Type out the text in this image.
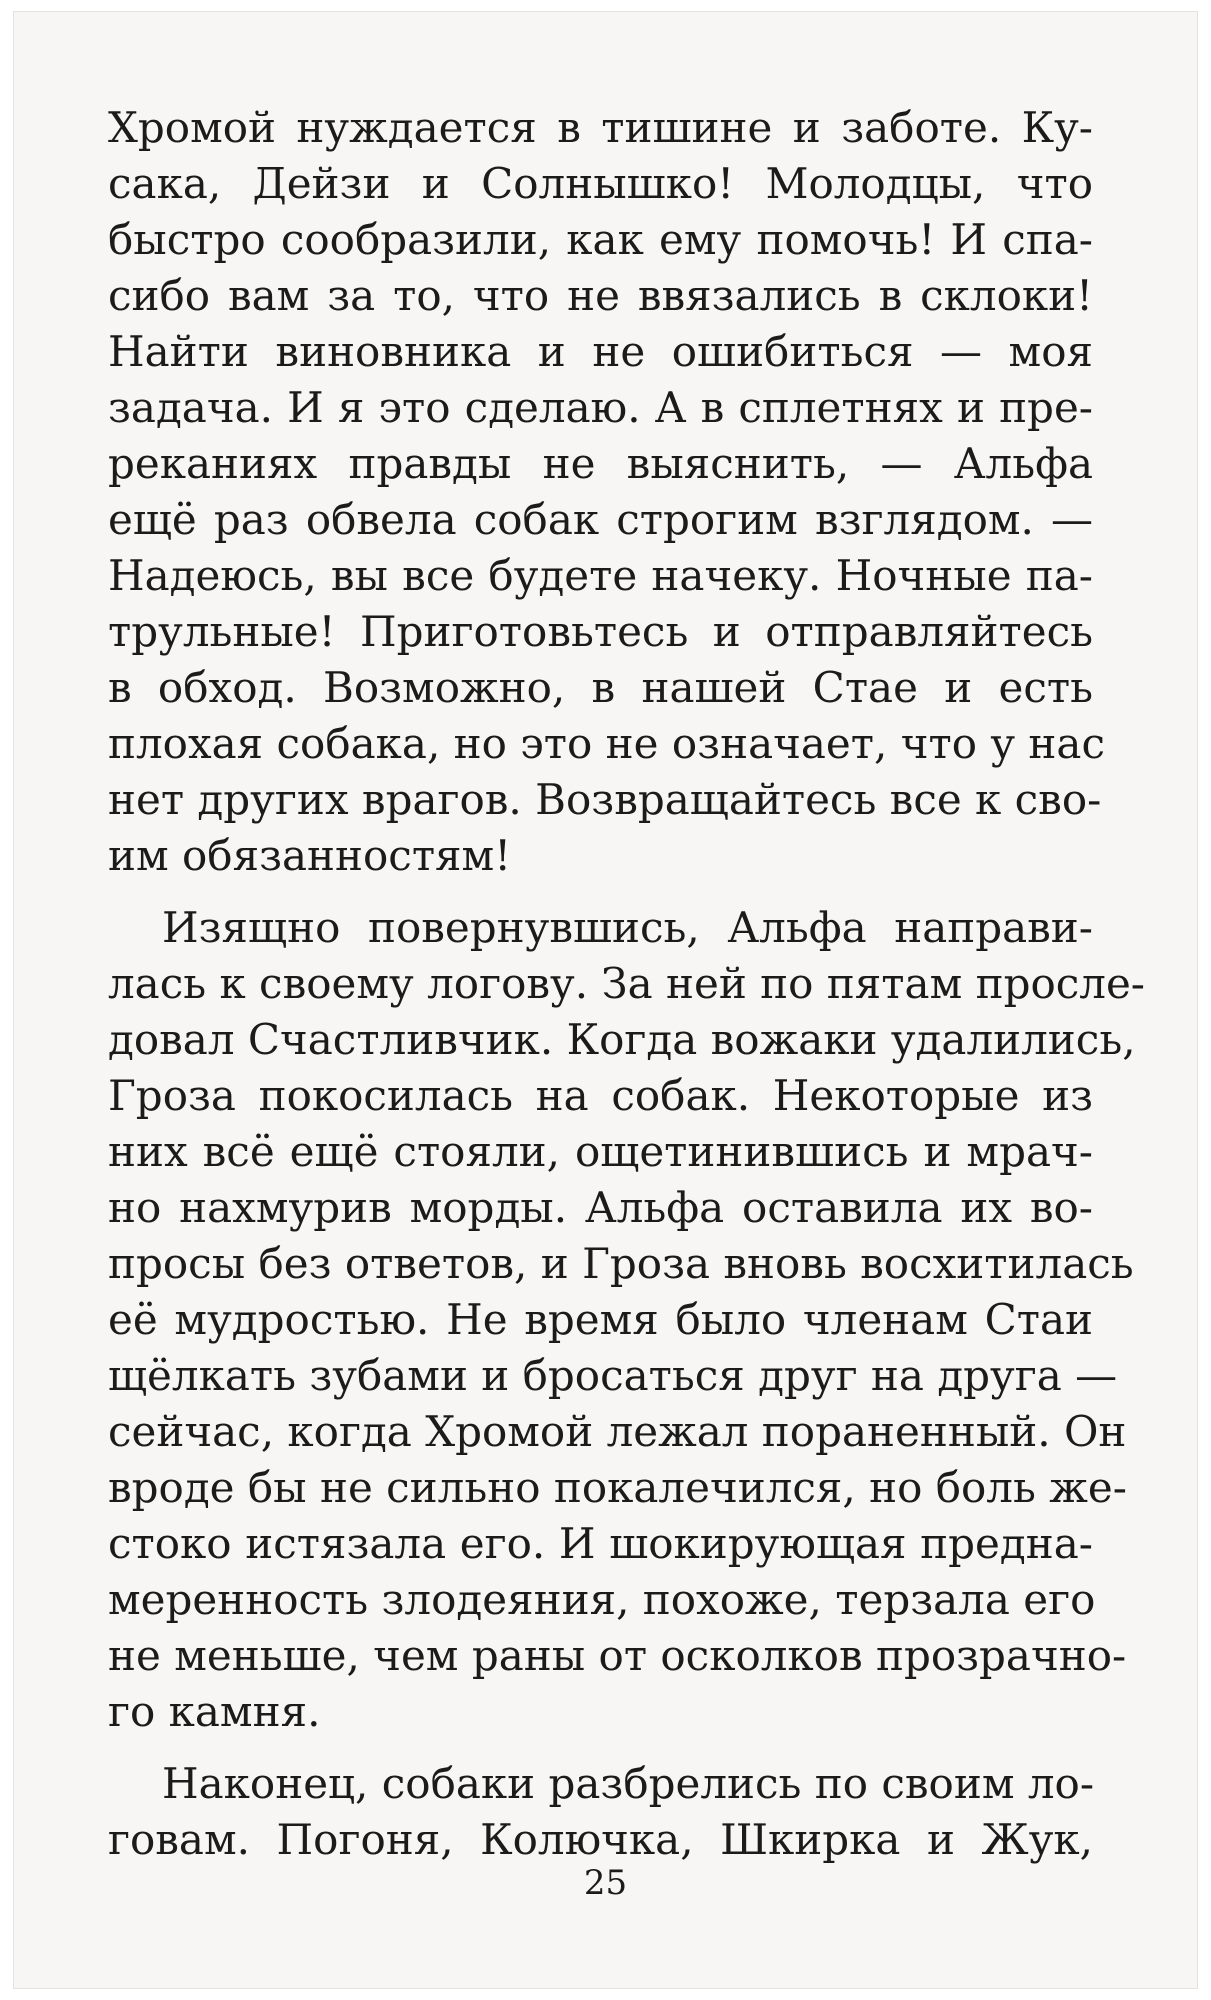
Хромой нуждается в тишине и заботе. Ку-
сака, Дейзи и Солнышко! Молодцы, что
быстро сообразили, как ему помочь! И спа-
сибо вам за то, что не ввязались в склоки!
Найти виновника и не ошибиться — моя
задача. И я это сделаю. А в сплетнях и пре-
реканиях правды не выяснить, — Альфа
ещё раз обвела собак строгим взглядом. —
Надеюсь, вы все будете начеку. Ночные па-
трульные! Приготовьтесь и отправляйтесь
в обход. Возможно, в нашей Стае и есть
плохая собака, но это не означает, что у нас
нет других врагов. Возвращайтесь все к сво-
им обязанностям!
Изящно повернувшись, Альфа направи-
лась к своему логову. За ней по пятам просле-
довал Счастливчик. Когда вожаки удалились,
Гроза покосилась на собак. Некоторые из
них всё ещё стояли, ощетинившись и мрач-
но нахмурив морды. Альфа оставила их во-
просы без ответов, и Гроза вновь восхитилась
её мудростью. Не время было членам Стаи
щёлкать зубами и бросаться друг на друга —
сейчас, когда Хромой лежал пораненный. Он
вроде бы не сильно покалечился, но боль же-
стоко истязала его. И шокирующая предна-
меренность злодеяния, похоже, терзала его
не меньше, чем раны от осколков прозрачно-
го камня.
Наконец, собаки разбрелись по своим ло-
говам. Погоня, Колючка, Шкирка и Жук,
25
